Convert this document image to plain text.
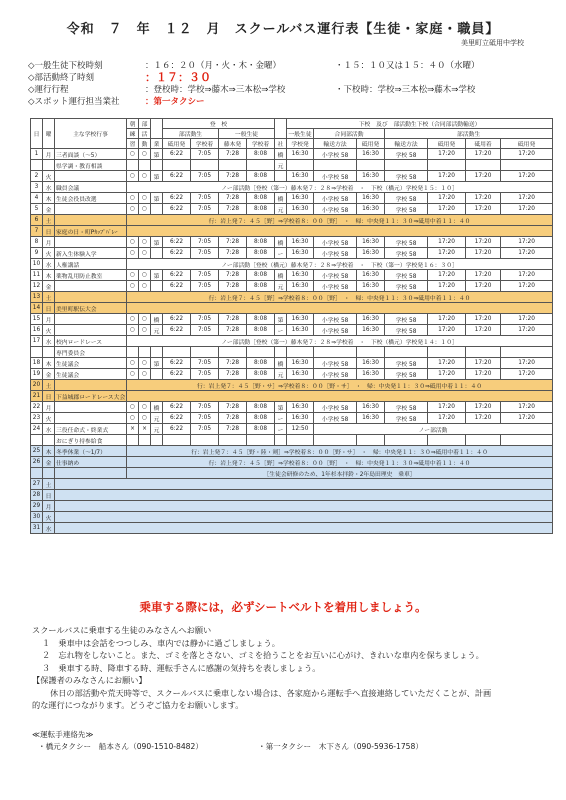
令和　７　年　１２　月　スクールバス運行表【生徒・家庭・職員】
美里町立砥用中学校
◇一般生徒下校時刻	：１６：２０（月・火・木・金曜）	・１５：１０又は１５：４０（水曜）
◇部活動終了時刻	：１７：３０
◇運行行程	：登校時：学校⇒藤木⇒三本松⇒学校	・下校時：学校⇒三本松⇒藤木⇒学校
◇スポット運行担当業社	：第一タクシー
日	曜	主な学校行事	朝	部		登　校					下校　及び　部活動生下校（合同部活動輸送）						
			練	活		部活動生		一般生徒			一般生徒	合同部活動		部活動生			
			習	動	業	砥用発	学校着	藤木発	学校着	社	学校発	輸送方法	砥用発	輸送方法	砥用発	砥用着	砥用発
1	月	三者面談（～5）	○	○	第	6:22	7:05	7:28	8:08	橋	16:30	小学校 58	16:30	学校 58	17:20	17:20	17:20
		県学調・教育相談								元							
2	火		○	○	第	6:22	7:05	7:28	8:08		16:30	小学校 58	16:30	学校 58	17:20	17:20	17:20
3	水	職員会議	ノー部活動［登校（第一）藤木発７：２８⇒学校着　・　下校（橋元）学校発１５：１０］														
4	木	生徒会役員改選	○	○	第	6:22	7:05	7:28	8:08	橋	16:30	小学校 58	16:30	学校 58	17:20	17:20	17:20
5	金		○	○		6:22	7:05	7:28	8:08	元	16:30	小学校 58	16:30	学校 58	17:20	17:20	17:20
6	土		行：岩上発７：４５［野］⇒学校着８：００［野］　・　帰：中央発１１：３０⇒砥用中着１１：４０														
7	日	家庭の日・町Pｶｯﾌﾟﾊﾞﾚｰ															
8	月		○	○	第	6:22	7:05	7:28	8:08	橋	16:30	小学校 58	16:30	学校 58	17:20	17:20	17:20
9	火	新入生体験入学	○	○		6:22	7:05	7:28	8:08	ー	16:30	小学校 58	16:30	学校 58	17:20	17:20	17:20
10	水	人権講話	ノー部活動［登校（橋元）藤木発７：２８⇒学校着　・　下校（第一）学校発１６：３０］														
11	木	薬物乱用防止教室	○	○	第	6:22	7:05	7:28	8:08	橋	16:30	小学校 58	16:30	学校 58	17:20	17:20	17:20
12	金		○	○		6:22	7:05	7:28	8:08	元	16:30	小学校 58	16:30	学校 58	17:20	17:20	17:20
13	土		行：岩上発７：４５［野］⇒学校着８：００［野］　・　帰：中央発１１：３０⇒砥用中着１１：４０														
14	日	美里町駅伝大会															
15	月		○	○	橋	6:22	7:05	7:28	8:08	第	16:30	小学校 58	16:30	学校 58	17:20	17:20	17:20
16	火		○	○	元	6:22	7:05	7:28	8:08	ー	16:30	小学校 58	16:30	学校 58	17:20	17:20	17:20
17	水	校内ロードレース	ノー部活動［登校（第一）藤木発７：２８⇒学校着　・　下校（橋元）学校発１４：１０］														
		専門委員会															
18	木	生徒議会	○	○	第	6:22	7:05	7:28	8:08	橋	16:30	小学校 58	16:30	学校 58	17:20	17:20	17:20
19	金	生徒議会	○	○		6:22	7:05	7:28	8:08	元	16:30	小学校 58	16:30	学校 58	17:20	17:20	17:20
20	土		行：岩上発７：４５［野・サ］⇒学校着８：００［野・サ］　・　帰：中央発１１：３０⇒砥用中着１１：４０														
21	日	下益城郡ロードレース大会															
22	月		○	○	橋	6:22	7:05	7:28	8:08	第	16:30	小学校 58	16:30	学校 58	17:20	17:20	17:20
23	火		○	○	元	6:22	7:05	7:28	8:08	ー	16:30	小学校 58	16:30	学校 58	17:20	17:20	17:20
24	水	三役任命式・終業式	×	×	元	6:22	7:05	7:28	8:08	ー	12:50	ノー部活動					
		おにぎり持参給食															
25	木	冬季休業（～1/7）	行：岩上発７：４５［野・陸・剣］⇒学校着８：００［野・サ］　・　帰：中央発１１：３０⇒砥用中着１１：４０														
26	金	仕事納め	行：岩上発７：４５［野］⇒学校着８：００［野］　・　帰：中央発１１：３０⇒砥用中着１１：４０														
			［生徒会研修のため、1年杉本拝鈴・2年島田理史　乗車］														
27	土																
28	日																
29	月																
30	火																
31	水																
乗車する際には，必ずシートベルトを着用しましょう。
スクールバスに乗車する生徒のみなさんへお願い
１　乗車中は会話をつつしみ、車内では静かに過ごしましょう。
２　忘れ物をしないこと。また、ゴミを落とさない、ゴミを拾うことをお互いに心がけ、きれいな車内を保ちましょう。
３　乗車する時、降車する時、運転手さんに感謝の気持ちを表しましょう。
【保護者のみなさんにお願い】
休日の部活動や荒天時等で、スクールバスに乗車しない場合は、各家庭から運転手へ直接連絡していただくことが、計画
的な運行につながります。どうぞご協力をお願いします。
≪運転手連絡先≫
・橋元タクシー　船本さん（090-1510-8482）	・第一タクシー　木下さん（090-5936-1758）
